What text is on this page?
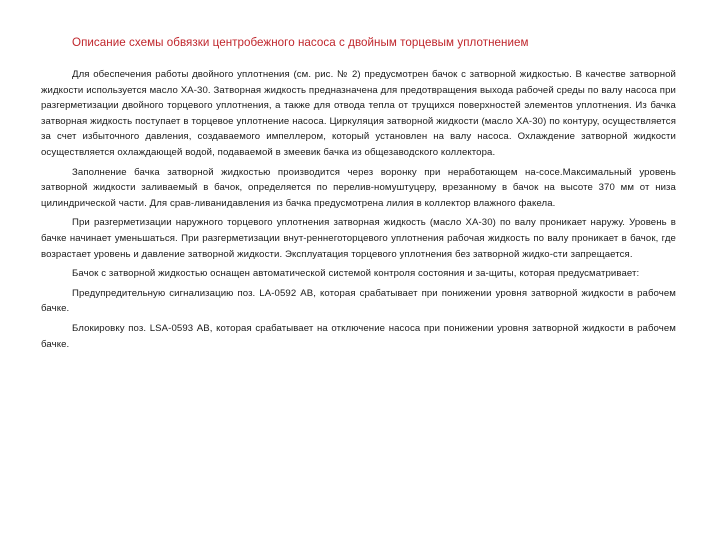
Описание схемы обвязки центробежного насоса с двойным торцевым уплотнением

Для обеспечения работы двойного уплотнения (см. рис. № 2) предусмотрен бачок с затворной жидкостью. В качестве затворной жидкости используется масло ХА-30. Затворная жидкость предназначена для предотвращения выхода рабочей среды по валу насоса при разгерметизации двойного торцевого уплотнения, а также для отвода тепла от трущихся поверхностей элементов уплотнения. Из бачка затворная жидкость поступает в торцевое уплотнение насоса. Циркуляция затворной жидкости (масло ХА-30) по контуру, осуществляется за счет избыточного давления, создаваемого импеллером, который установлен на валу насоса. Охлаждение затворной жидкости осуществляется охлаждающей водой, подаваемой в змеевик бачка из общезаводского коллектора.

Заполнение бачка затворной жидкостью производится через воронку при неработающем на-сосе.Максимальный уровень затворной жидкости заливаемый в бачок, определяется по перелив-номуштуцеру, врезанному в бачок на высоте 370 мм от низа цилиндрической части. Для срав-ливанидавления из бачка предусмотрена лилия в коллектор влажного факела.

При разгерметизации наружного торцевого уплотнения затворная жидкость (масло ХА-30) по валу проникает наружу. Уровень в бачке начинает уменьшаться. При разгерметизации внут-реннеготорцевого уплотнения рабочая жидкость по валу проникает в бачок, где возрастает уровень и давление затворной жидкости. Эксплуатация торцевого уплотнения без затворной жидко-сти запрещается.

Бачок с затворной жидкостью оснащен автоматической системой контроля состояния и за-щиты, которая предусматривает:

Предупредительную сигнализацию поз. LA-0592 АВ, которая срабатывает при понижении уровня затворной жидкости в рабочем бачке.

Блокировку поз. LSA-0593 АВ, которая срабатывает на отключение насоса при понижении уровня затворной жидкости в рабочем бачке.
